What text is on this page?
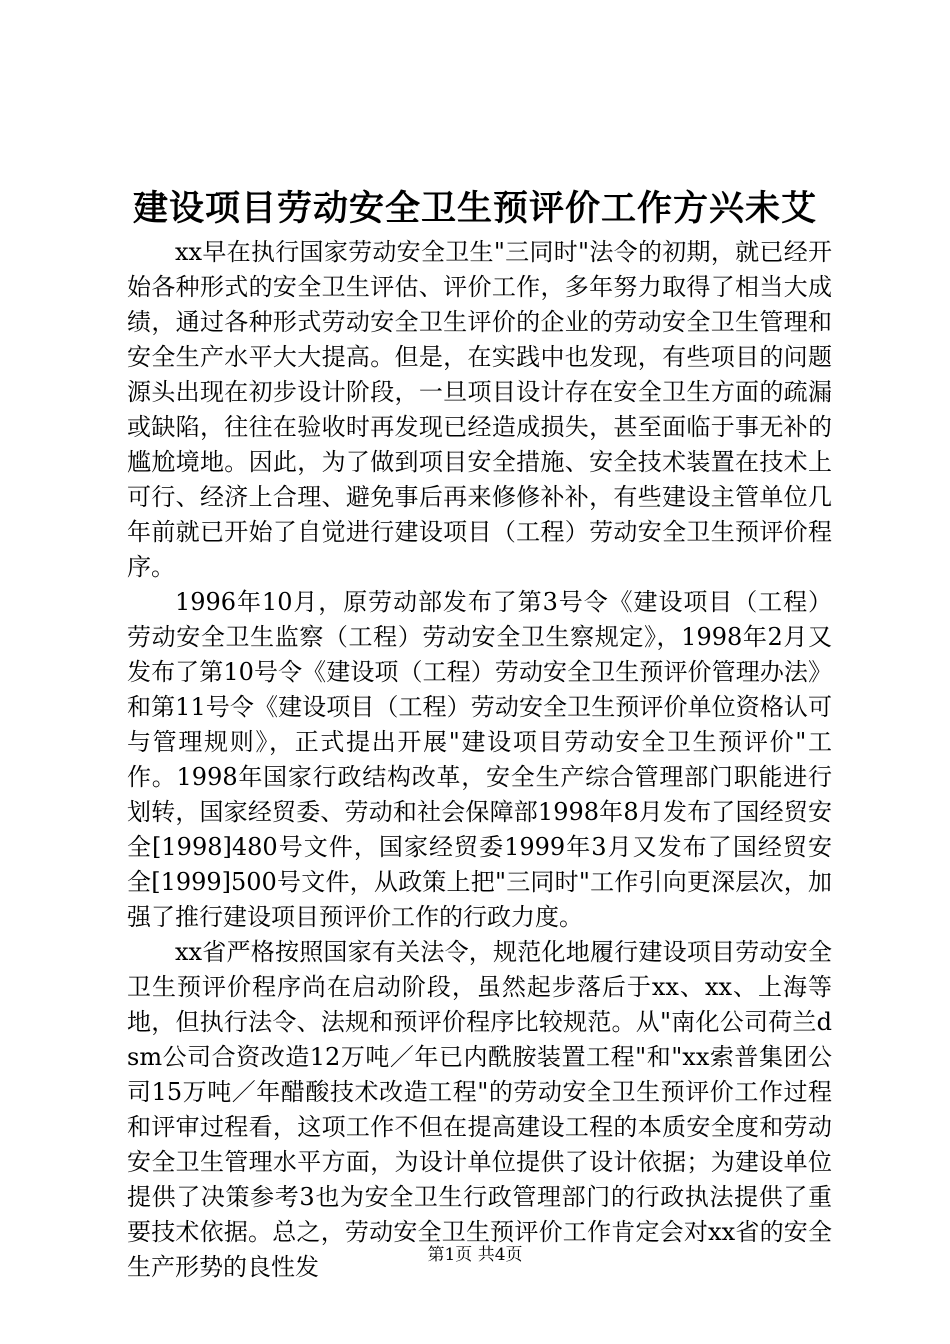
建设项目劳动安全卫生预评价工作方兴未艾

xx早在执行国家劳动安全卫生"三同时"法令的初期，就已经开始各种形式的安全卫生评估、评价工作，多年努力取得了相当大成绩，通过各种形式劳动安全卫生评价的企业的劳动安全卫生管理和安全生产水平大大提高。但是，在实践中也发现，有些项目的问题源头出现在初步设计阶段，一旦项目设计存在安全卫生方面的疏漏或缺陷，往往在验收时再发现已经造成损失，甚至面临于事无补的尴尬境地。因此，为了做到项目安全措施、安全技术装置在技术上可行、经济上合理、避免事后再来修修补补，有些建设主管单位几年前就已开始了自觉进行建设项目（工程）劳动安全卫生预评价程序。

1996年10月，原劳动部发布了第3号令《建设项目（工程）劳动安全卫生监察（工程）劳动安全卫生察规定》，1998年2月又发布了第10号令《建设项（工程）劳动安全卫生预评价管理办法》和第11号令《建设项目（工程）劳动安全卫生预评价单位资格认可与管理规则》，正式提出开展"建设项目劳动安全卫生预评价"工作。1998年国家行政结构改革，安全生产综合管理部门职能进行划转，国家经贸委、劳动和社会保障部1998年8月发布了国经贸安全[1998]480号文件，国家经贸委1999年3月又发布了国经贸安全[1999]500号文件，从政策上把"三同时"工作引向更深层次，加强了推行建设项目预评价工作的行政力度。

xx省严格按照国家有关法令，规范化地履行建设项目劳动安全卫生预评价程序尚在启动阶段，虽然起步落后于xx、xx、上海等地，但执行法令、法规和预评价程序比较规范。从"南化公司荷兰dsm公司合资改造12万吨／年已内酰胺装置工程"和"xx索普集团公司15万吨／年醋酸技术改造工程"的劳动安全卫生预评价工作过程和评审过程看，这项工作不但在提高建设工程的本质安全度和劳动安全卫生管理水平方面，为设计单位提供了设计依据；为建设单位提供了决策参考3也为安全卫生行政管理部门的行政执法提供了重要技术依据。总之，劳动安全卫生预评价工作肯定会对xx省的安全生产形势的良性发	第1页 共4页
